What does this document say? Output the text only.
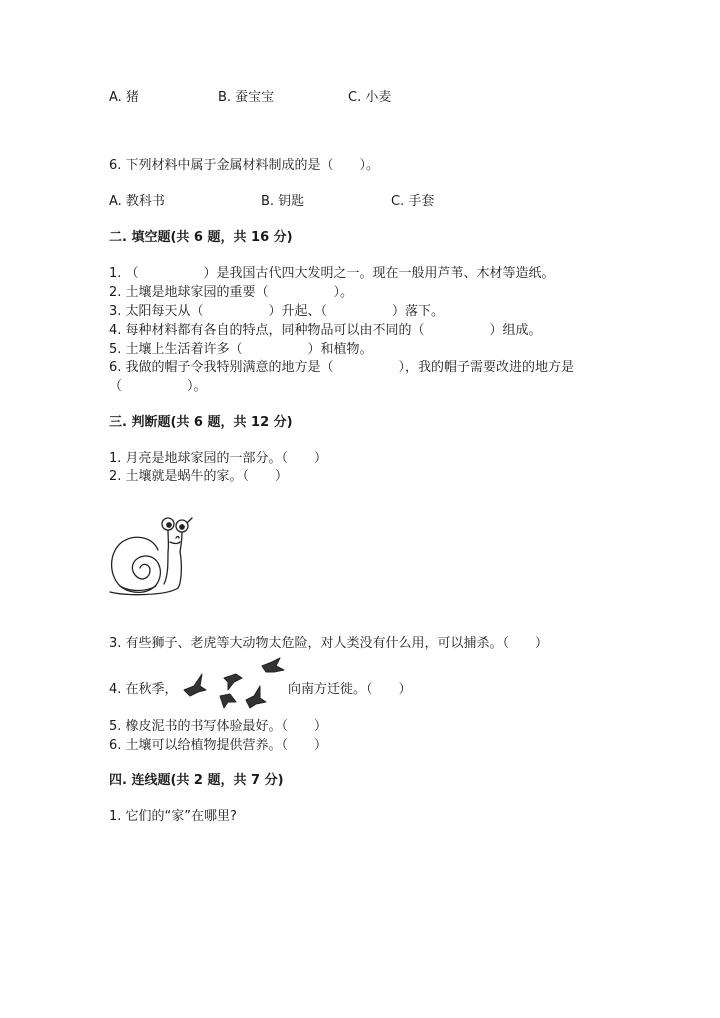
A. 猪	B. 蚕宝宝	C. 小麦
6. 下列材料中属于金属材料制成的是（　　）。
A. 教科书	B. 钥匙	C. 手套
二. 填空题(共 6 题，共 16 分)
1. （　　　　　）是我国古代四大发明之一。现在一般用芦苇、木材等造纸。
2. 土壤是地球家园的重要（　　　　　）。
3. 太阳每天从（　　　　　）升起、（　　　　　）落下。
4. 每种材料都有各自的特点，同种物品可以由不同的（　　　　　）组成。
5. 土壤上生活着许多（　　　　　）和植物。
6. 我做的帽子令我特别满意的地方是（　　　　　），我的帽子需要改进的地方是（　　　　　）。
三. 判断题(共 6 题，共 12 分)
1. 月亮是地球家园的一部分。（　　）
2. 土壤就是蜗牛的家。（　　）
3. 有些狮子、老虎等大动物太危险，对人类没有什么用，可以捕杀。（　　）
4. 在秋季，	向南方迁徙。（　　）
5. 橡皮泥书的书写体验最好。（　　）
6. 土壤可以给植物提供营养。（　　）
四. 连线题(共 2 题，共 7 分)
1. 它们的“家”在哪里?
